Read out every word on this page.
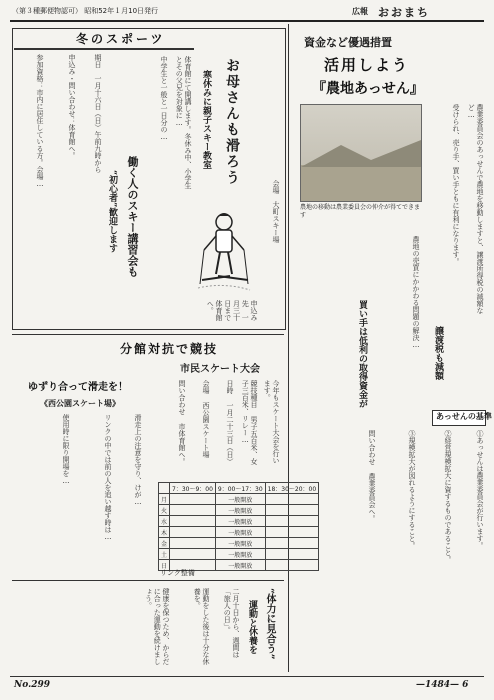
（第３種郵便物認可） 昭和52年１月10日発行	広報 おおまち
冬のスポーツ
お母さんも滑ろう
寒休みに親子スキー教室
働く人のスキー講習会も
“初心者”歓迎します
体育館にて開講します。冬休み中、小学生とその父兄を対象に…
中学生と一般と一日分の…
参加資格：市内に居住している方。会場…	申込み・問い合わせ：体育館へ。	期日　一月十六日（日）午前九時から
会場　大町スキー場
申込み先　一月三十日まで体育館へ。
分館対抗で競技
市民スケート大会
今年もスケート大会を行います。
競技種目 男子五百米、女子三百米、リレー…
日時 一月二十三日（日）
会場 西公園スケート場
問い合わせ 市体育館へ。
ゆずり合って滑走を！
《西公園スケート場》
滑走上の注意を守り、けが…
リンクの中では前の人を追い越す時は…
使用時に限り開場を…
	7：30〜9：00	9：00〜17：30	18：30〜20：00
月		一般開放	
火		一般開放	
水		一般開放	
木		一般開放	
金		一般開放	
土		一般開放	
日		一般開放	
リンク整備
“体力に見合う”
運動と休養を
二月十日から、週間は「旅人の日」。
運動をした後は十分な休養を。
健康を保つため、からだに合った運動を続けましょう。
資金など優遇措置
活用しよう
『農地あっせん』
農地の移動は農業委員会の仲介が得てできます	農業委員会のあっせんで農地を移動しますと、譲渡所得税の減額など…
受けられ、売り手、買い手ともに有利になります。
農地の売買にかかわる問題の解決…
譲渡税も減額
買い手は低利の取得資金が
あっせんの基準
①あっせんは農業委員会が行います。
②経営規模拡大に資するものであること。
③規模拡大が図れるようにすること。
問い合わせ 農業委員会へ。
No.299	—1484— 6
